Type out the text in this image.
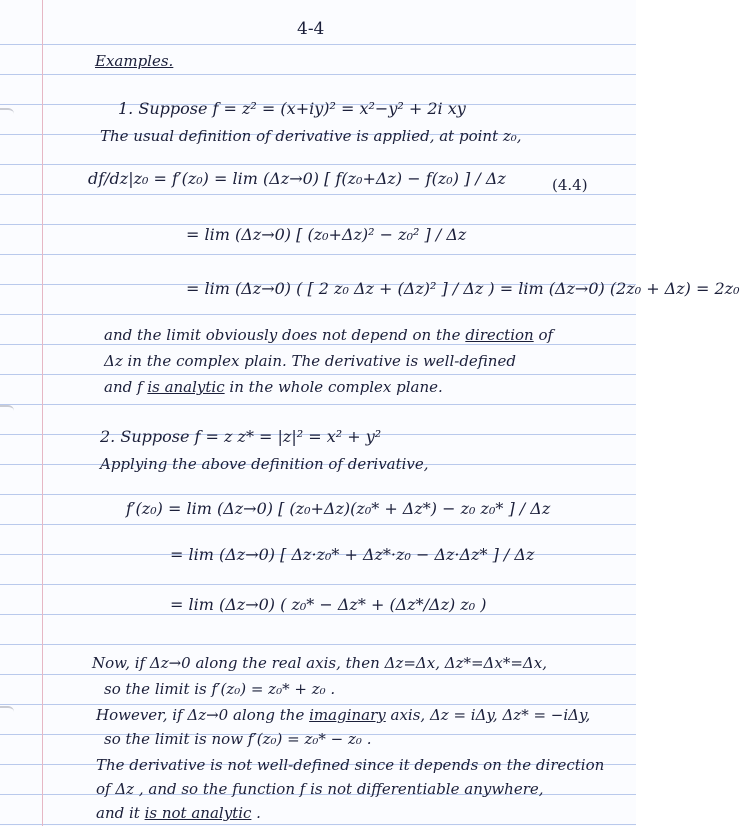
4-4
Examples.
1. Suppose f = z² = (x+iy)² = x²−y² + 2i xy
The usual definition of derivative is applied, at point z₀,
df/dz|z₀ = f′(z₀) = lim (Δz→0) [ f(z₀+Δz) − f(z₀) ] / Δz	(4.4)
= lim (Δz→0) [ (z₀+Δz)² − z₀² ] / Δz
= lim (Δz→0) ( [ 2 z₀ Δz + (Δz)² ] / Δz ) = lim (Δz→0) (2z₀ + Δz) = 2z₀
and the limit obviously does not depend on the direction of
Δz in the complex plain. The derivative is well-defined
and f is analytic in the whole complex plane.
2. Suppose f = z z* = |z|² = x² + y²
Applying the above definition of derivative,
f′(z₀) = lim (Δz→0) [ (z₀+Δz)(z₀* + Δz*) − z₀ z₀* ] / Δz
= lim (Δz→0) [ Δz·z₀* + Δz*·z₀ − Δz·Δz* ] / Δz
= lim (Δz→0) ( z₀* − Δz* + (Δz*/Δz) z₀ )
Now, if Δz→0 along the real axis, then Δz=Δx, Δz*=Δx*=Δx,
so the limit is f′(z₀) = z₀* + z₀ .
However, if Δz→0 along the imaginary axis, Δz = iΔy, Δz* = −iΔy,
so the limit is now f′(z₀) = z₀* − z₀ .
The derivative is not well-defined since it depends on the direction
of Δz , and so the function f is not differentiable anywhere,
and it is not analytic .
